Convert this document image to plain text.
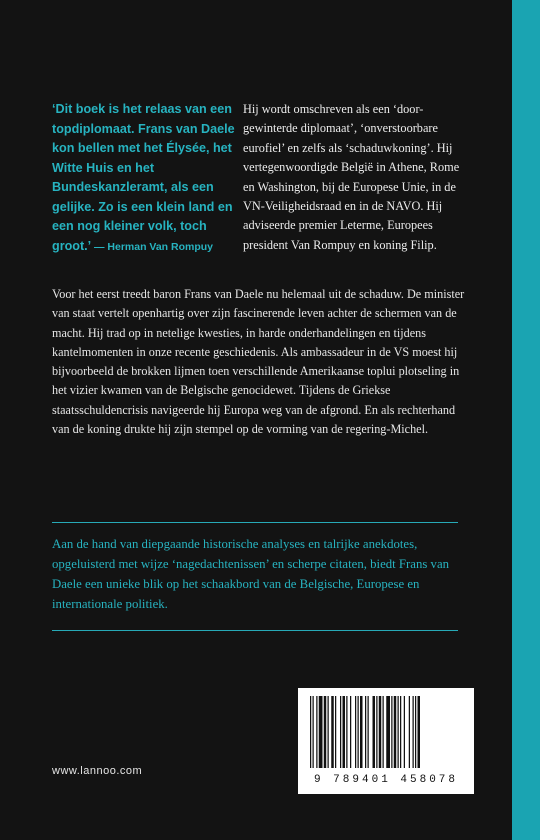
‘Dit boek is het relaas van een topdiplomaat. Frans van Daele kon bellen met het Élysée, het Witte Huis en het Bundeskanzleramt, als een gelijke. Zo is een klein land en een nog kleiner volk, toch groot.’ — Herman Van Rompuy
Hij wordt omschreven als een ‘door-gewinterde diplomaat’, ‘onverstoorbare eurofiel’ en zelfs als ‘schaduwkoning’. Hij vertegenwoordigde België in Athene, Rome en Washington, bij de Europese Unie, in de VN-Veiligheidsraad en in de NAVO. Hij adviseerde premier Leterme, Europees president Van Rompuy en koning Filip.
Voor het eerst treedt baron Frans van Daele nu helemaal uit de schaduw. De minister van staat vertelt openhartig over zijn fascinerende leven achter de schermen van de macht. Hij trad op in netelige kwesties, in harde onderhandelingen en tijdens kantelmomenten in onze recente geschiedenis. Als ambassadeur in de VS moest hij bijvoorbeeld de brokken lijmen toen verschillende Amerikaanse toplui plotseling in het vizier kwamen van de Belgische genocidewet. Tijdens de Griekse staatsschuldencrisis navigeerde hij Europa weg van de afgrond. En als rechterhand van de koning drukte hij zijn stempel op de vorming van de regering-Michel.
Aan de hand van diepgaande historische analyses en talrijke anekdotes, opgeluisterd met wijze ‘nagedachtenissen’ en scherpe citaten, biedt Frans van Daele een unieke blik op het schaakbord van de Belgische, Europese en internationale politiek.
www.lannoo.com
9 789401 458078
